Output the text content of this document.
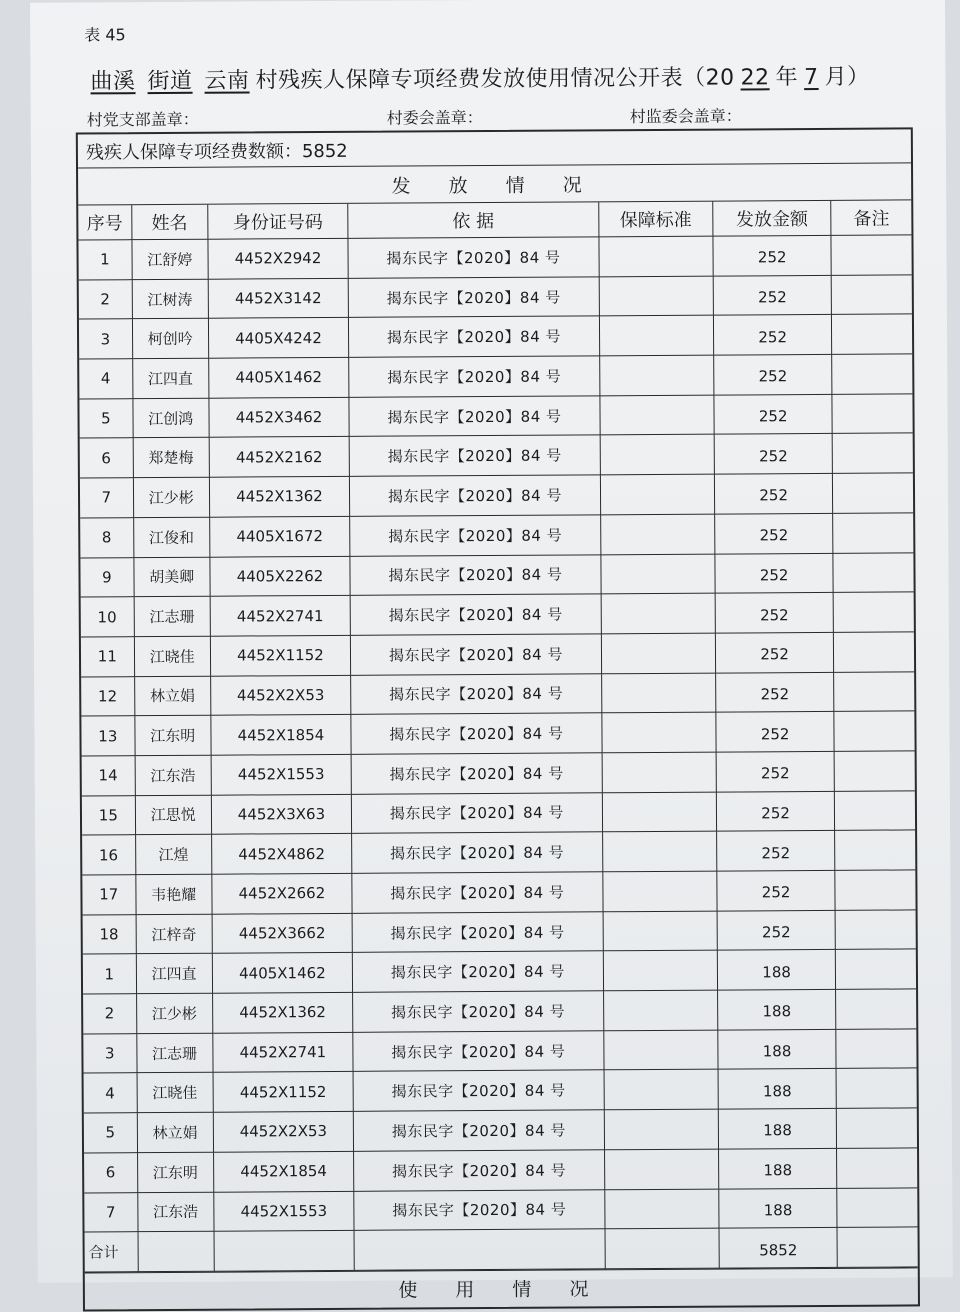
表 45
曲溪 街道 云南 村残疾人保障专项经费发放使用情况公开表（20 22 年 7 月）
村党支部盖章：	村委会盖章：	村监委会盖章：
残疾人保障专项经费数额：5852
发 放 情 况
序号	姓名	身份证号码	依 据	保障标准	发放金额	备注
1	江舒婷	4452X2942	揭东民字【2020】84 号		252	
2	江树涛	4452X3142	揭东民字【2020】84 号		252	
3	柯创吟	4405X4242	揭东民字【2020】84 号		252	
4	江四直	4405X1462	揭东民字【2020】84 号		252	
5	江创鸿	4452X3462	揭东民字【2020】84 号		252	
6	郑楚梅	4452X2162	揭东民字【2020】84 号		252	
7	江少彬	4452X1362	揭东民字【2020】84 号		252	
8	江俊和	4405X1672	揭东民字【2020】84 号		252	
9	胡美卿	4405X2262	揭东民字【2020】84 号		252	
10	江志珊	4452X2741	揭东民字【2020】84 号		252	
11	江晓佳	4452X1152	揭东民字【2020】84 号		252	
12	林立娟	4452X2X53	揭东民字【2020】84 号		252	
13	江东明	4452X1854	揭东民字【2020】84 号		252	
14	江东浩	4452X1553	揭东民字【2020】84 号		252	
15	江思悦	4452X3X63	揭东民字【2020】84 号		252	
16	江煌	4452X4862	揭东民字【2020】84 号		252	
17	韦艳耀	4452X2662	揭东民字【2020】84 号		252	
18	江梓奇	4452X3662	揭东民字【2020】84 号		252	
1	江四直	4405X1462	揭东民字【2020】84 号		188	
2	江少彬	4452X1362	揭东民字【2020】84 号		188	
3	江志珊	4452X2741	揭东民字【2020】84 号		188	
4	江晓佳	4452X1152	揭东民字【2020】84 号		188	
5	林立娟	4452X2X53	揭东民字【2020】84 号		188	
6	江东明	4452X1854	揭东民字【2020】84 号		188	
7	江东浩	4452X1553	揭东民字【2020】84 号		188	
合计					5852	
使 用 情 况
